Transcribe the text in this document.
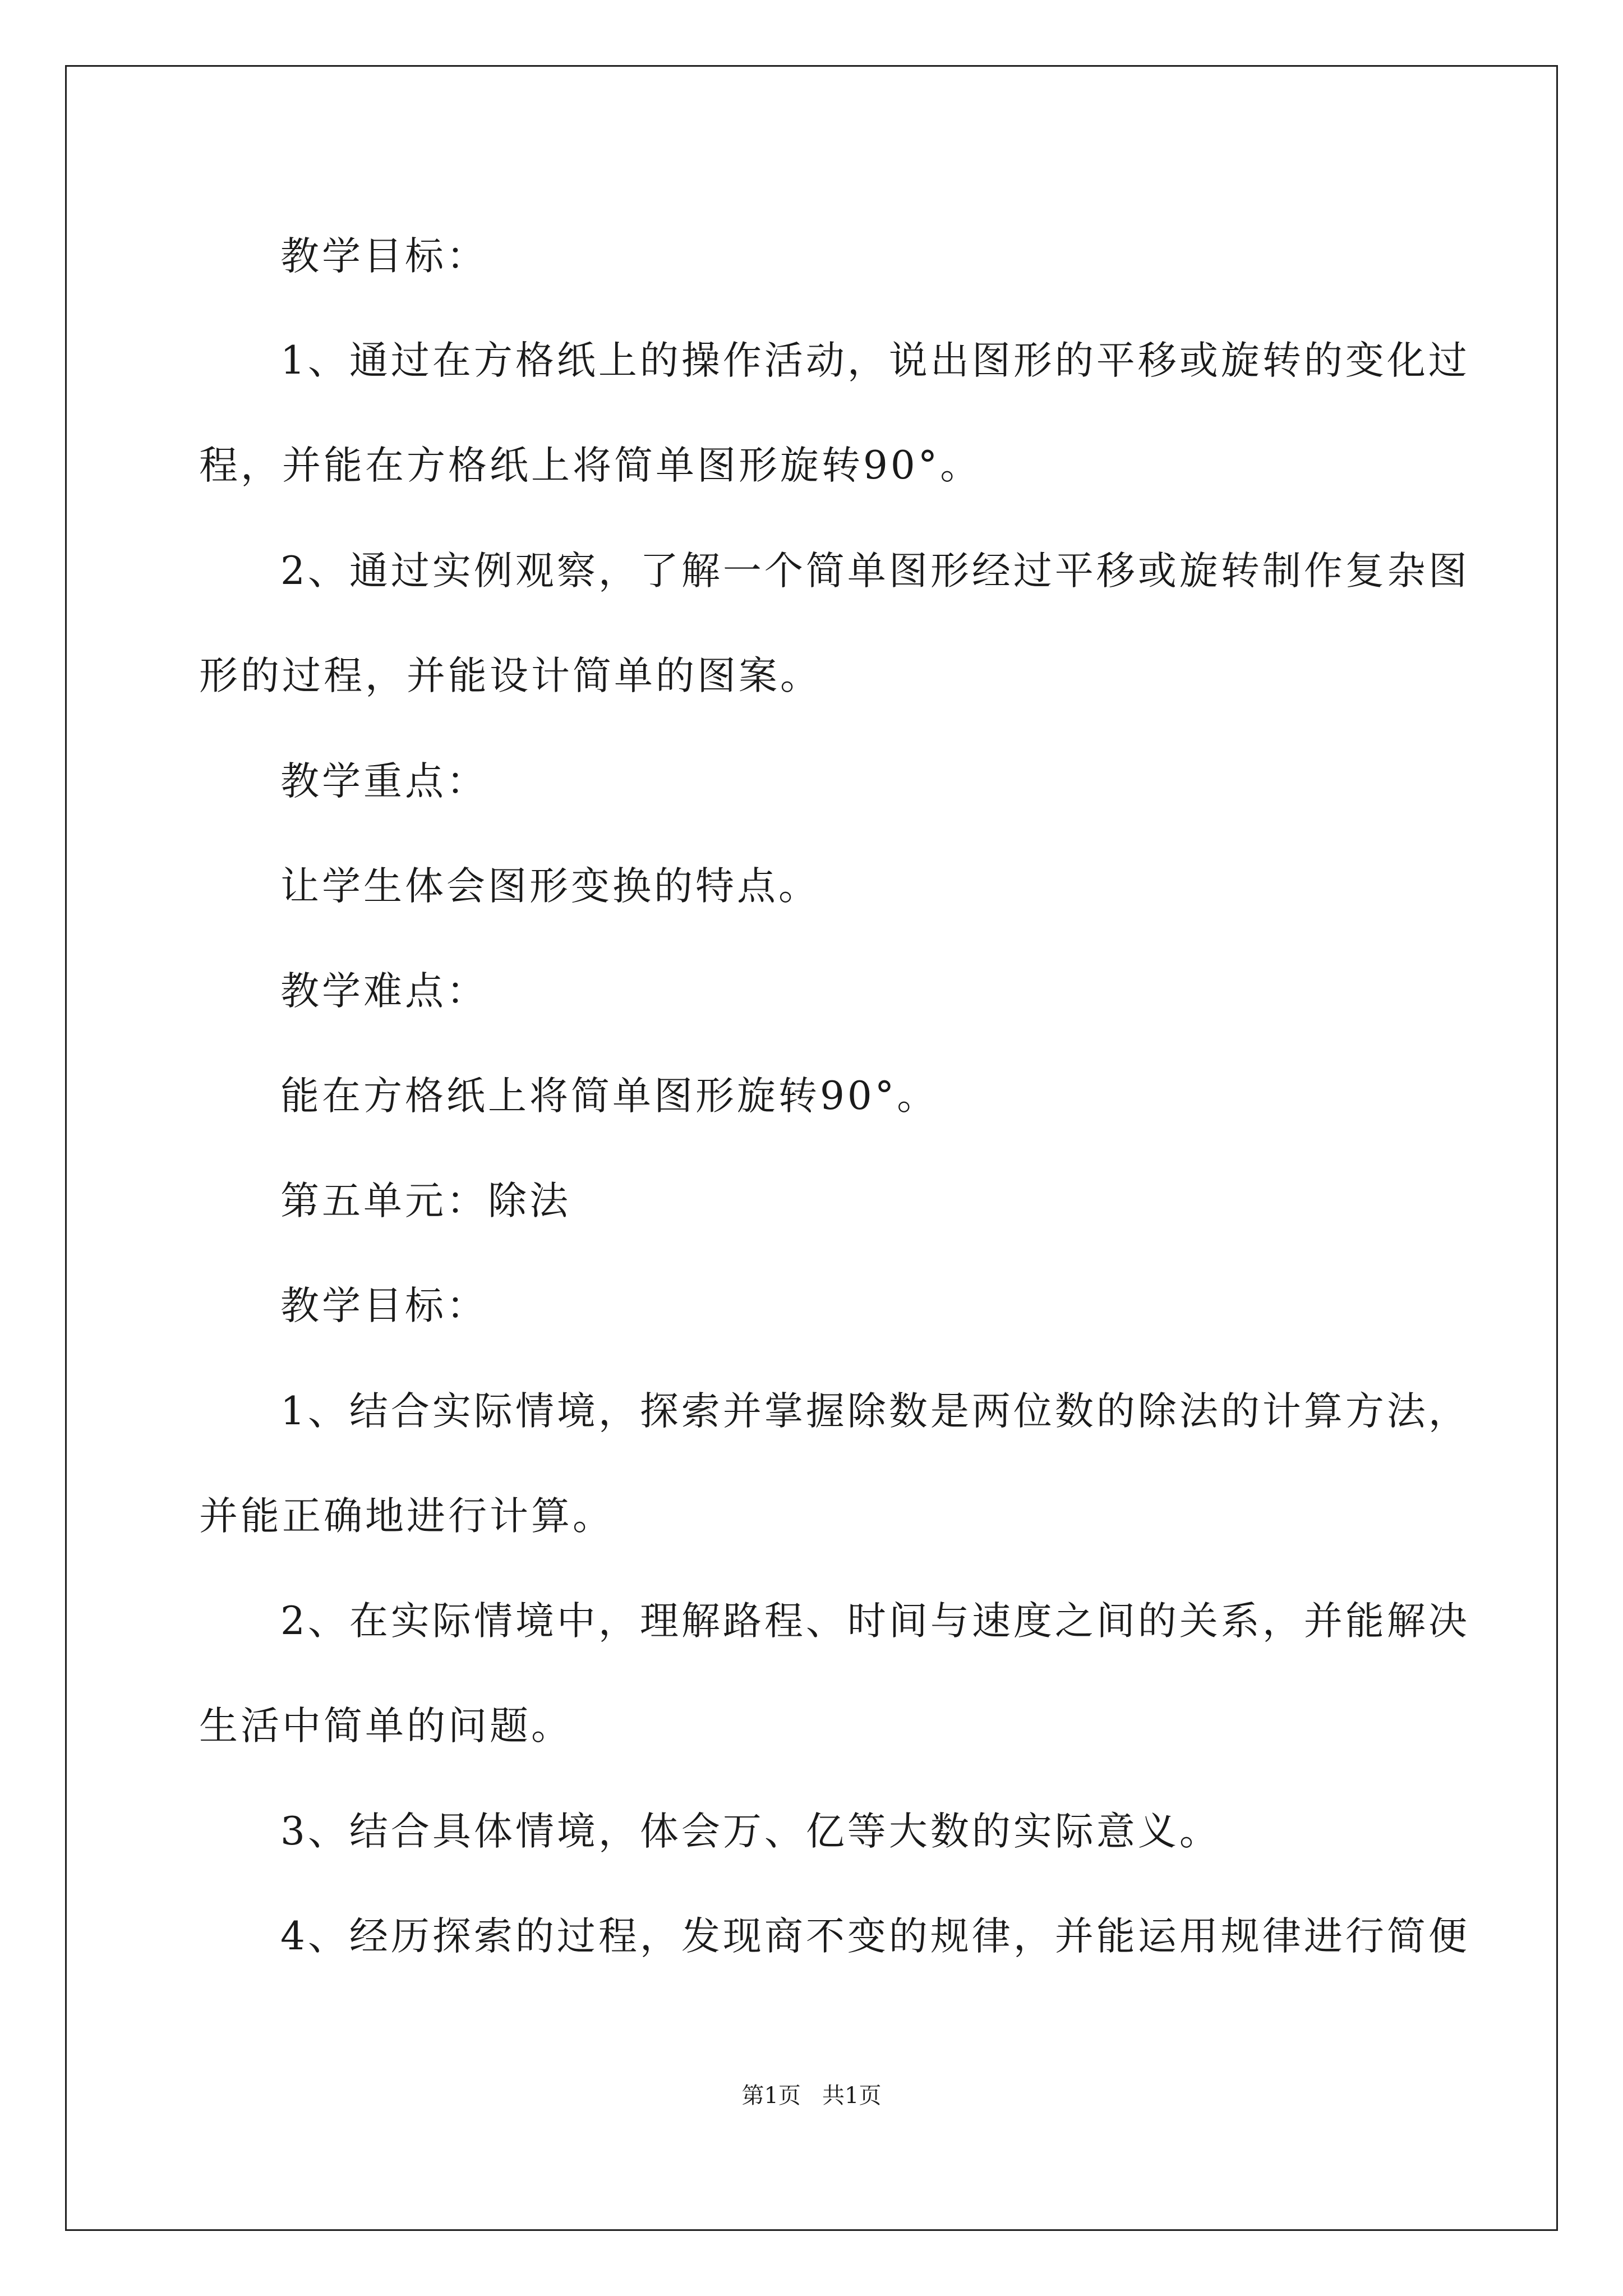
教学目标：
1、通过在方格纸上的操作活动，说出图形的平移或旋转的变化过
程，并能在方格纸上将简单图形旋转90°。
2、通过实例观察，了解一个简单图形经过平移或旋转制作复杂图
形的过程，并能设计简单的图案。
教学重点：
让学生体会图形变换的特点。
教学难点：
能在方格纸上将简单图形旋转90°。
第五单元：除法
教学目标：
1、结合实际情境，探索并掌握除数是两位数的除法的计算方法，
并能正确地进行计算。
2、在实际情境中，理解路程、时间与速度之间的关系，并能解决
生活中简单的问题。
3、结合具体情境，体会万、亿等大数的实际意义。
4、经历探索的过程，发现商不变的规律，并能运用规律进行简便
第1页   共1页
